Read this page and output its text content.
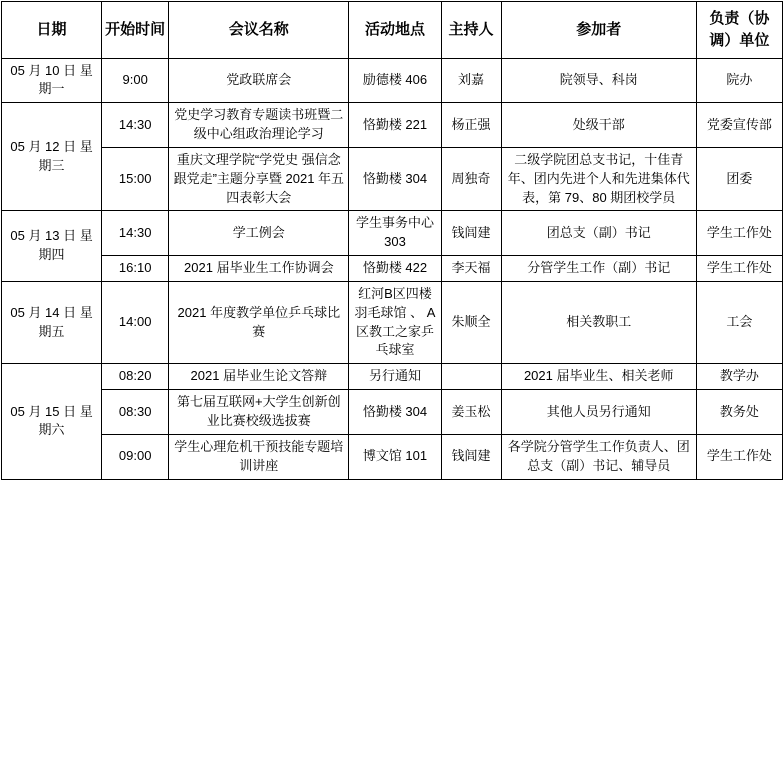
日期	开始时间	会议名称	活动地点	主持人	参加者	负责（协调）单位
05 月 10 日 星期一	9:00	党政联席会	励德楼 406	刘嘉	院领导、科岗	院办
05 月 12 日 星期三	14:30	党史学习教育专题读书班暨二级中心组政治理论学习	恪勤楼 221	杨正强	处级干部	党委宣传部
	15:00	重庆文理学院“学党史 强信念 跟党走”主题分享暨 2021 年五四表彰大会	恪勤楼 304	周独奇	二级学院团总支书记，十佳青年、团内先进个人和先进集体代表，第 79、80 期团校学员	团委
05 月 13 日 星期四	14:30	学工例会	学生事务中心 303	钱闾建	团总支（副）书记	学生工作处
	16:10	2021 届毕业生工作协调会	恪勤楼 422	李天福	分管学生工作（副）书记	学生工作处
05 月 14 日 星期五	14:00	2021 年度教学单位乒乓球比赛	红河B区四楼羽毛球馆 、 A 区教工之家乒乓球室	朱顺全	相关教职工	工会
05 月 15 日 星期六	08:20	2021 届毕业生论文答辩	另行通知		2021 届毕业生、相关老师	教学办
	08:30	第七届互联网+大学生创新创业比赛校级选拔赛	恪勤楼 304	姜玉松	其他人员另行通知	教务处
	09:00	学生心理危机干预技能专题培训讲座	博文馆 101	钱闾建	各学院分管学生工作负责人、团总支（副）书记、辅导员	学生工作处
